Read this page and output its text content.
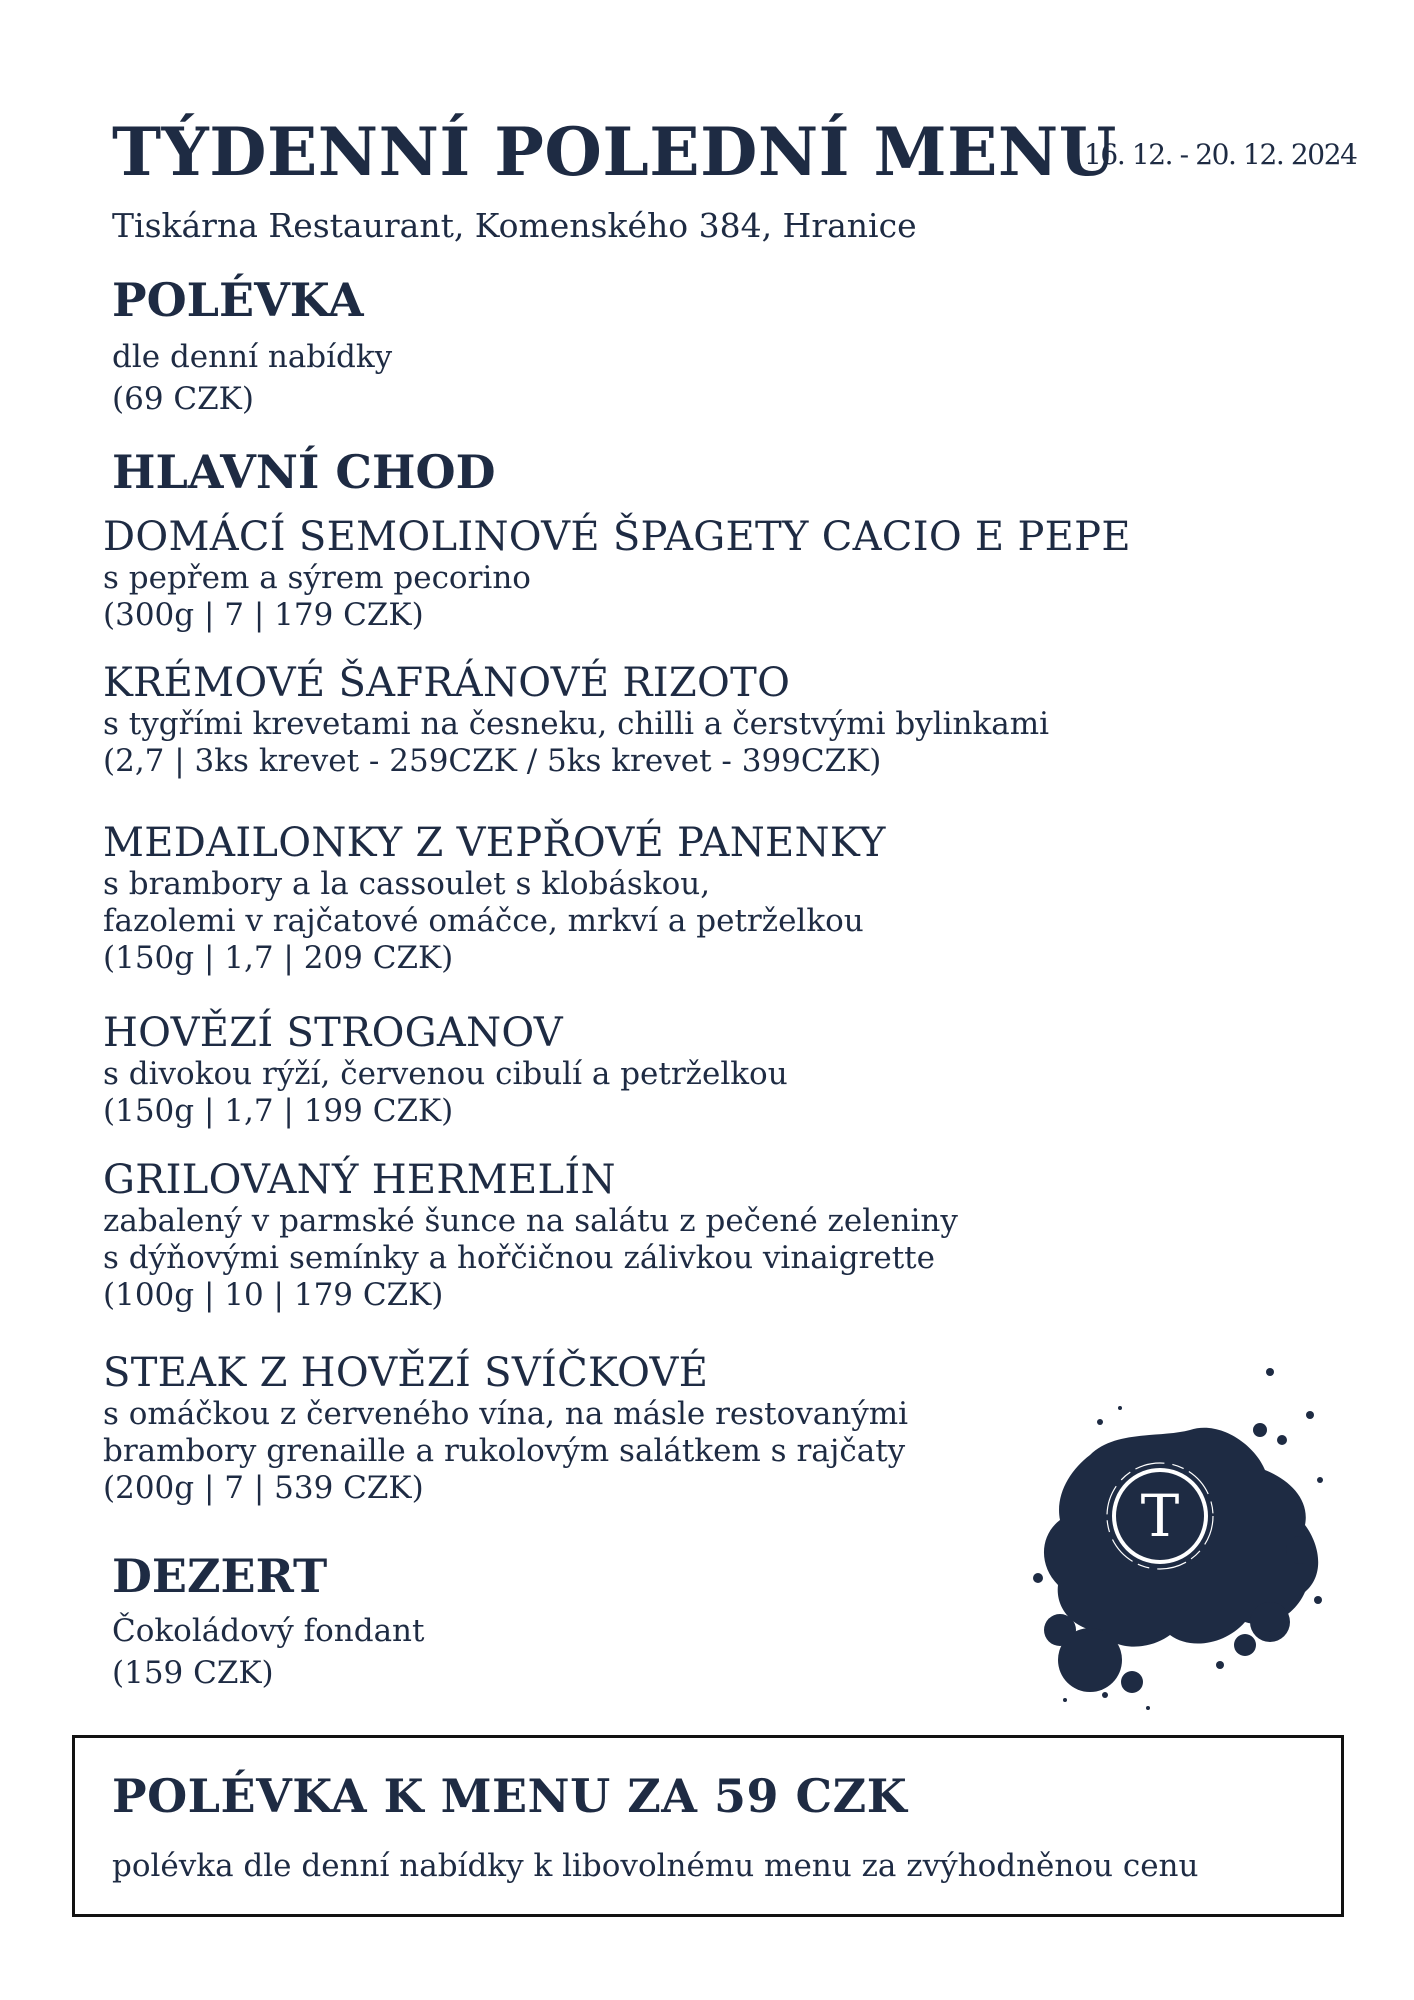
TÝDENNÍ POLEDNÍ MENU
16. 12. - 20. 12. 2024
Tiskárna Restaurant, Komenského 384, Hranice
POLÉVKA
dle denní nabídky
(69 CZK)
HLAVNÍ CHOD
DOMÁCÍ SEMOLINOVÉ ŠPAGETY CACIO E PEPE
s pepřem a sýrem pecorino
(300g | 7 | 179 CZK)
KRÉMOVÉ ŠAFRÁNOVÉ RIZOTO
s tygřími krevetami na česneku, chilli a čerstvými bylinkami
(2,7 | 3ks krevet - 259CZK / 5ks krevet - 399CZK)
MEDAILONKY Z VEPŘOVÉ PANENKY
s brambory a la cassoulet s klobáskou,
fazolemi v rajčatové omáčce, mrkví a petrželkou
(150g | 1,7 | 209 CZK)
HOVĚZÍ STROGANOV
s divokou rýží, červenou cibulí a petrželkou
(150g | 1,7 | 199 CZK)
GRILOVANÝ HERMELÍN
zabalený v parmské šunce na salátu z pečené zeleniny
s dýňovými semínky a hořčičnou zálivkou vinaigrette
(100g | 10 | 179 CZK)
STEAK Z HOVĚZÍ SVÍČKOVÉ
s omáčkou z červeného vína, na másle restovanými
brambory grenaille a rukolovým salátkem s rajčaty
(200g | 7 | 539 CZK)
DEZERT
Čokoládový fondant
(159 CZK)
T
POLÉVKA K MENU ZA 59 CZK
polévka dle denní nabídky k libovolnému menu za zvýhodněnou cenu
